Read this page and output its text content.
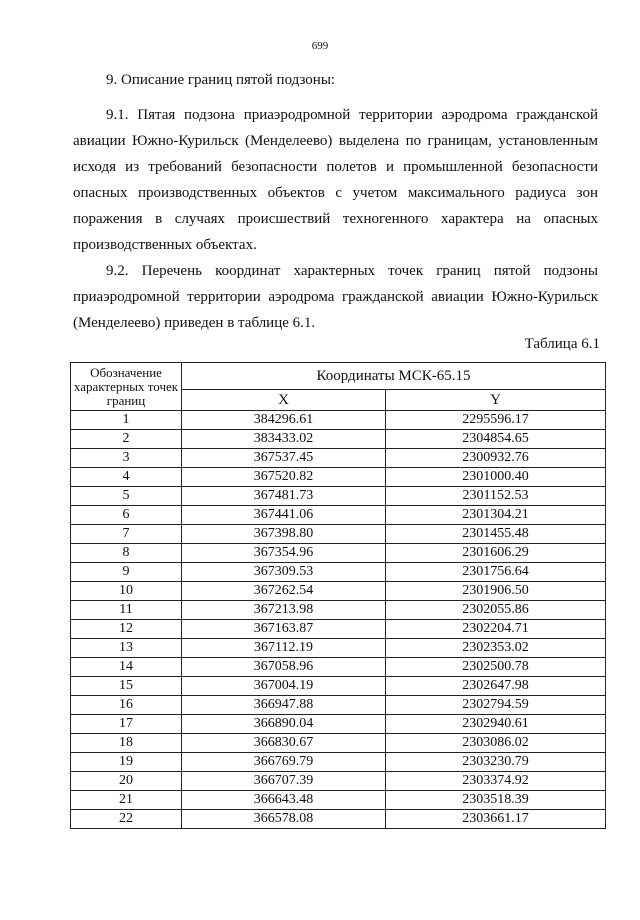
699
9. Описание границ пятой подзоны:

9.1. Пятая подзона приаэродромной территории аэродрома гражданской авиации Южно-Курильск (Менделеево) выделена по границам, установленным исходя из требований безопасности полетов и промышленной безопасности опасных производственных объектов с учетом максимального радиуса зон поражения в случаях происшествий техногенного характера на опасных производственных объектах.

9.2. Перечень координат характерных точек границ пятой подзоны приаэродромной территории аэродрома гражданской авиации Южно-Курильск (Менделеево) приведен в таблице 6.1.

Таблица 6.1
Обозначение характерных точек границ	Координаты МСК-65.15	
	X	Y
1	384296.61	2295596.17
2	383433.02	2304854.65
3	367537.45	2300932.76
4	367520.82	2301000.40
5	367481.73	2301152.53
6	367441.06	2301304.21
7	367398.80	2301455.48
8	367354.96	2301606.29
9	367309.53	2301756.64
10	367262.54	2301906.50
11	367213.98	2302055.86
12	367163.87	2302204.71
13	367112.19	2302353.02
14	367058.96	2302500.78
15	367004.19	2302647.98
16	366947.88	2302794.59
17	366890.04	2302940.61
18	366830.67	2303086.02
19	366769.79	2303230.79
20	366707.39	2303374.92
21	366643.48	2303518.39
22	366578.08	2303661.17
